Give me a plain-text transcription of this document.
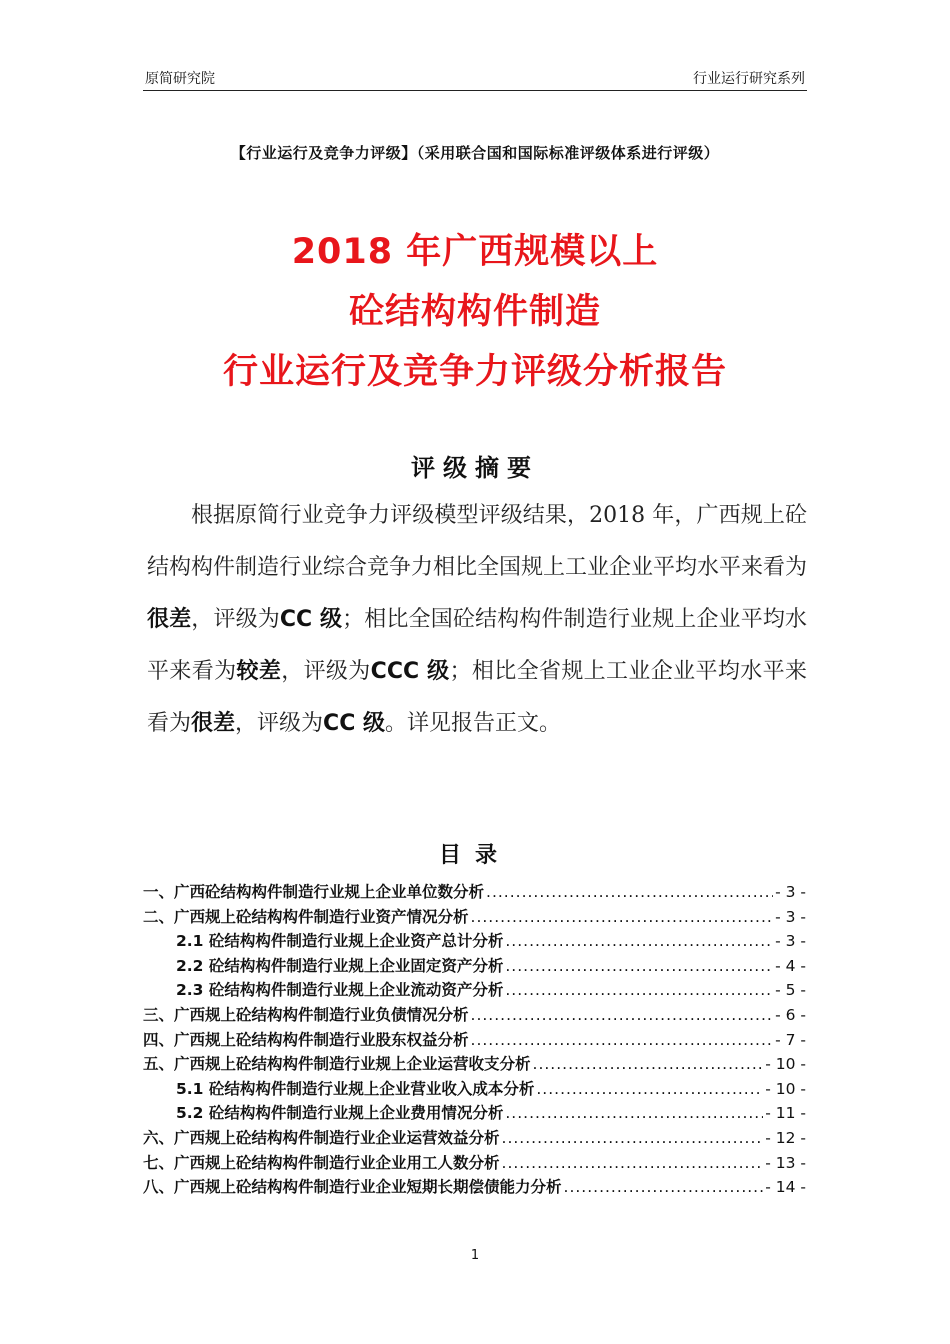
原简研究院	行业运行研究系列
【行业运行及竞争力评级】（采用联合国和国际标准评级体系进行评级）
2018 年广西规模以上
砼结构构件制造
行业运行及竞争力评级分析报告
评级摘要
根据原简行业竞争力评级模型评级结果，2018 年，广西规上砼结构构件制造行业综合竞争力相比全国规上工业企业平均水平来看为很差，评级为CC 级；相比全国砼结构构件制造行业规上企业平均水平来看为较差，评级为CCC 级；相比全省规上工业企业平均水平来看为很差，评级为CC 级。详见报告正文。
目录
一、广西砼结构构件制造行业规上企业单位数分析 .....	- 3 -
二、广西规上砼结构构件制造行业资产情况分析 .....	- 3 -
2.1 砼结构构件制造行业规上企业资产总计分析 .....	- 3 -
2.2 砼结构构件制造行业规上企业固定资产分析 .....	- 4 -
2.3 砼结构构件制造行业规上企业流动资产分析 .....	- 5 -
三、广西规上砼结构构件制造行业负债情况分析 .....	- 6 -
四、广西规上砼结构构件制造行业股东权益分析 .....	- 7 -
五、广西规上砼结构构件制造行业规上企业运营收支分析 .....	- 10 -
5.1 砼结构构件制造行业规上企业营业收入成本分析 .....	- 10 -
5.2 砼结构构件制造行业规上企业费用情况分析 .....	- 11 -
六、广西规上砼结构构件制造行业企业运营效益分析 .....	- 12 -
七、广西规上砼结构构件制造行业企业用工人数分析 .....	- 13 -
八、广西规上砼结构构件制造行业企业短期长期偿债能力分析 .....	- 14 -
1
